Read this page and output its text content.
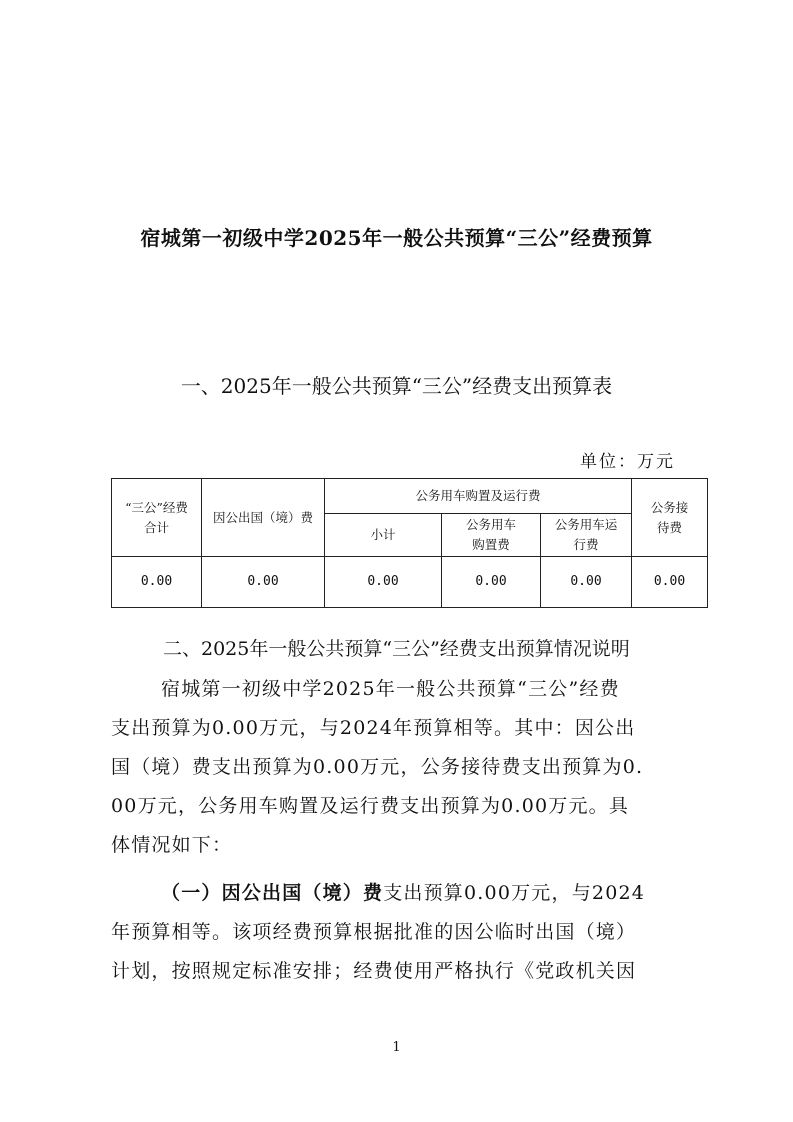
宿城第一初级中学2025年一般公共预算“三公”经费预算
一、2025年一般公共预算“三公”经费支出预算表
单位：万元
“三公”经费合计	因公出国（境）费	公务用车购置及运行费			公务接待费
		小计	公务用车购置费	公务用车运行费	
0.00	0.00	0.00	0.00	0.00	0.00
二、2025年一般公共预算“三公”经费支出预算情况说明
宿城第一初级中学2025年一般公共预算“三公”经费
支出预算为0.00万元，与2024年预算相等。其中：因公出
国（境）费支出预算为0.00万元，公务接待费支出预算为0.
00万元，公务用车购置及运行费支出预算为0.00万元。具
体情况如下：
（一）因公出国（境）费支出预算0.00万元，与2024
年预算相等。该项经费预算根据批准的因公临时出国（境）
计划，按照规定标准安排；经费使用严格执行《党政机关因
1
